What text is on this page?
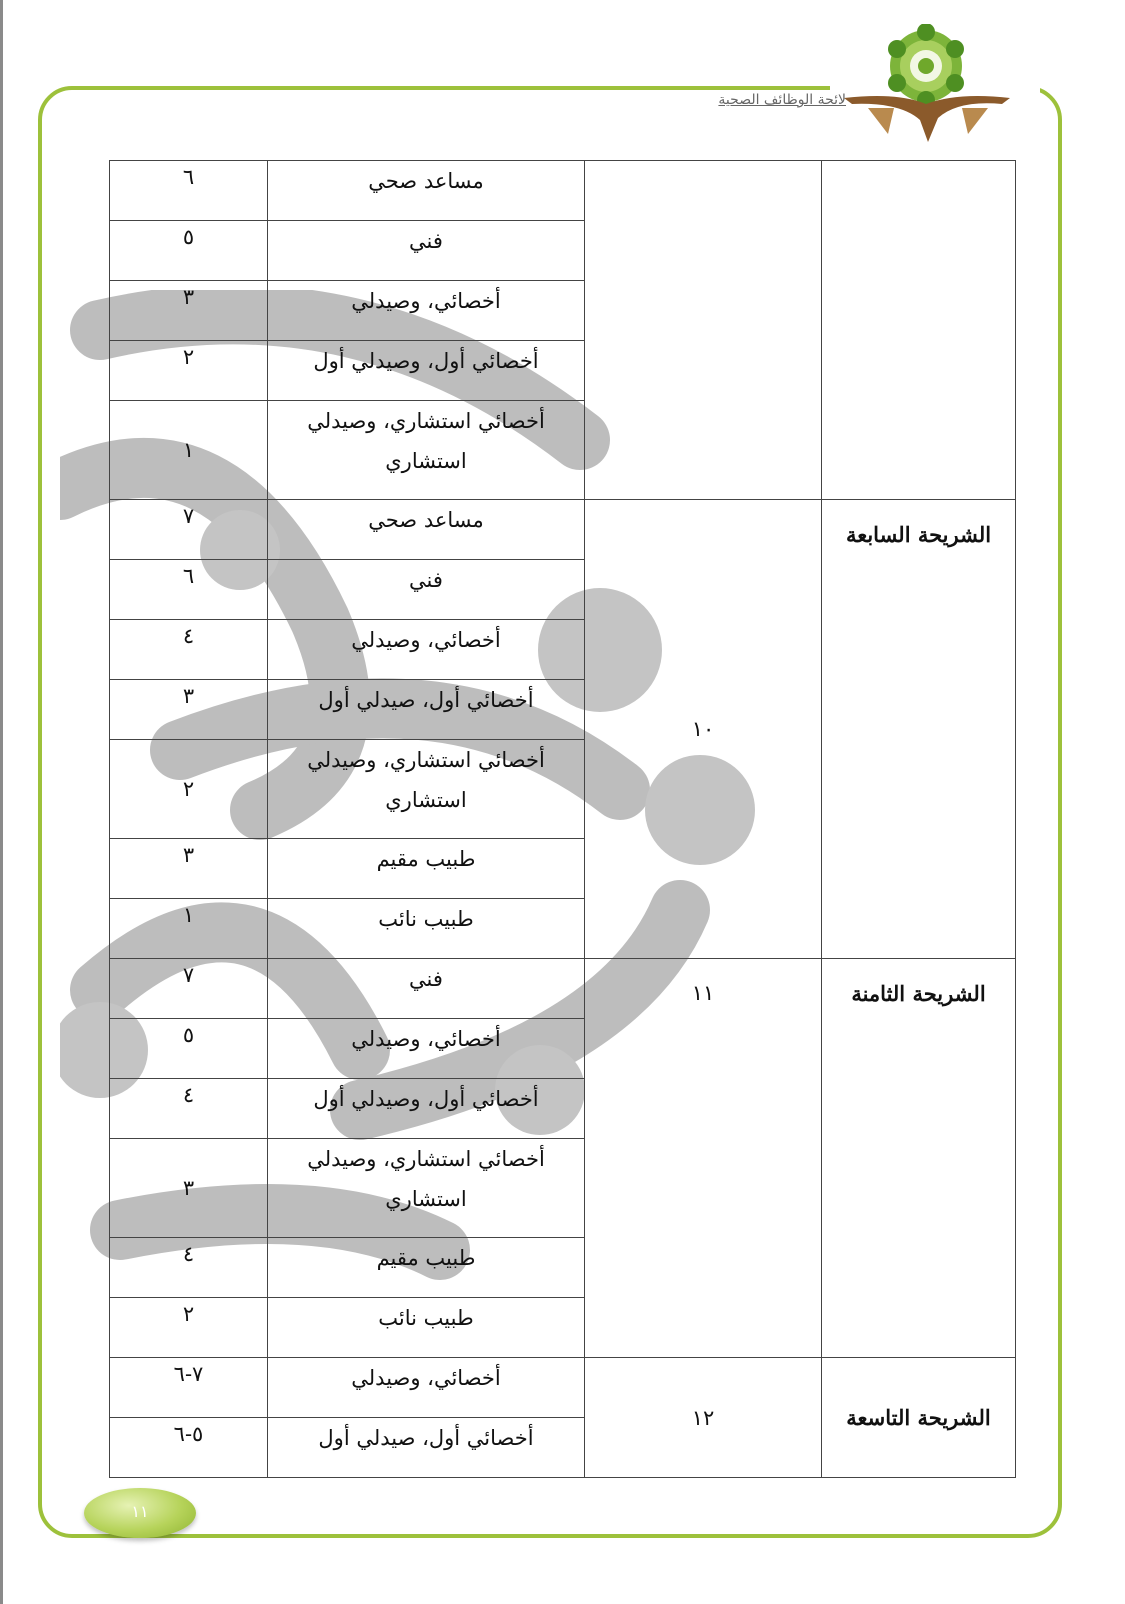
لائحة الوظائف الصحية
		مساعد صحي	٦
		فني	٥
		أخصائي، وصيدلي	٣
		أخصائي أول، وصيدلي أول	٢
		أخصائي استشاري، وصيدلي استشاري	١

الشريحة السابعة	١٠	مساعد صحي	٧
		فني	٦
		أخصائي، وصيدلي	٤
		أخصائي أول، صيدلي أول	٣
		أخصائي استشاري، وصيدلي استشاري	٢
		طبيب مقيم	٣
		طبيب نائب	١

الشريحة الثامنة	١١	فني	٧
		أخصائي، وصيدلي	٥
		أخصائي أول، وصيدلي أول	٤
		أخصائي استشاري، وصيدلي استشاري	٣
		طبيب مقيم	٤
		طبيب نائب	٢
الشريحة التاسعة	١٢	أخصائي، وصيدلي	٧-٦
		أخصائي أول، صيدلي أول	٥-٦
١١
